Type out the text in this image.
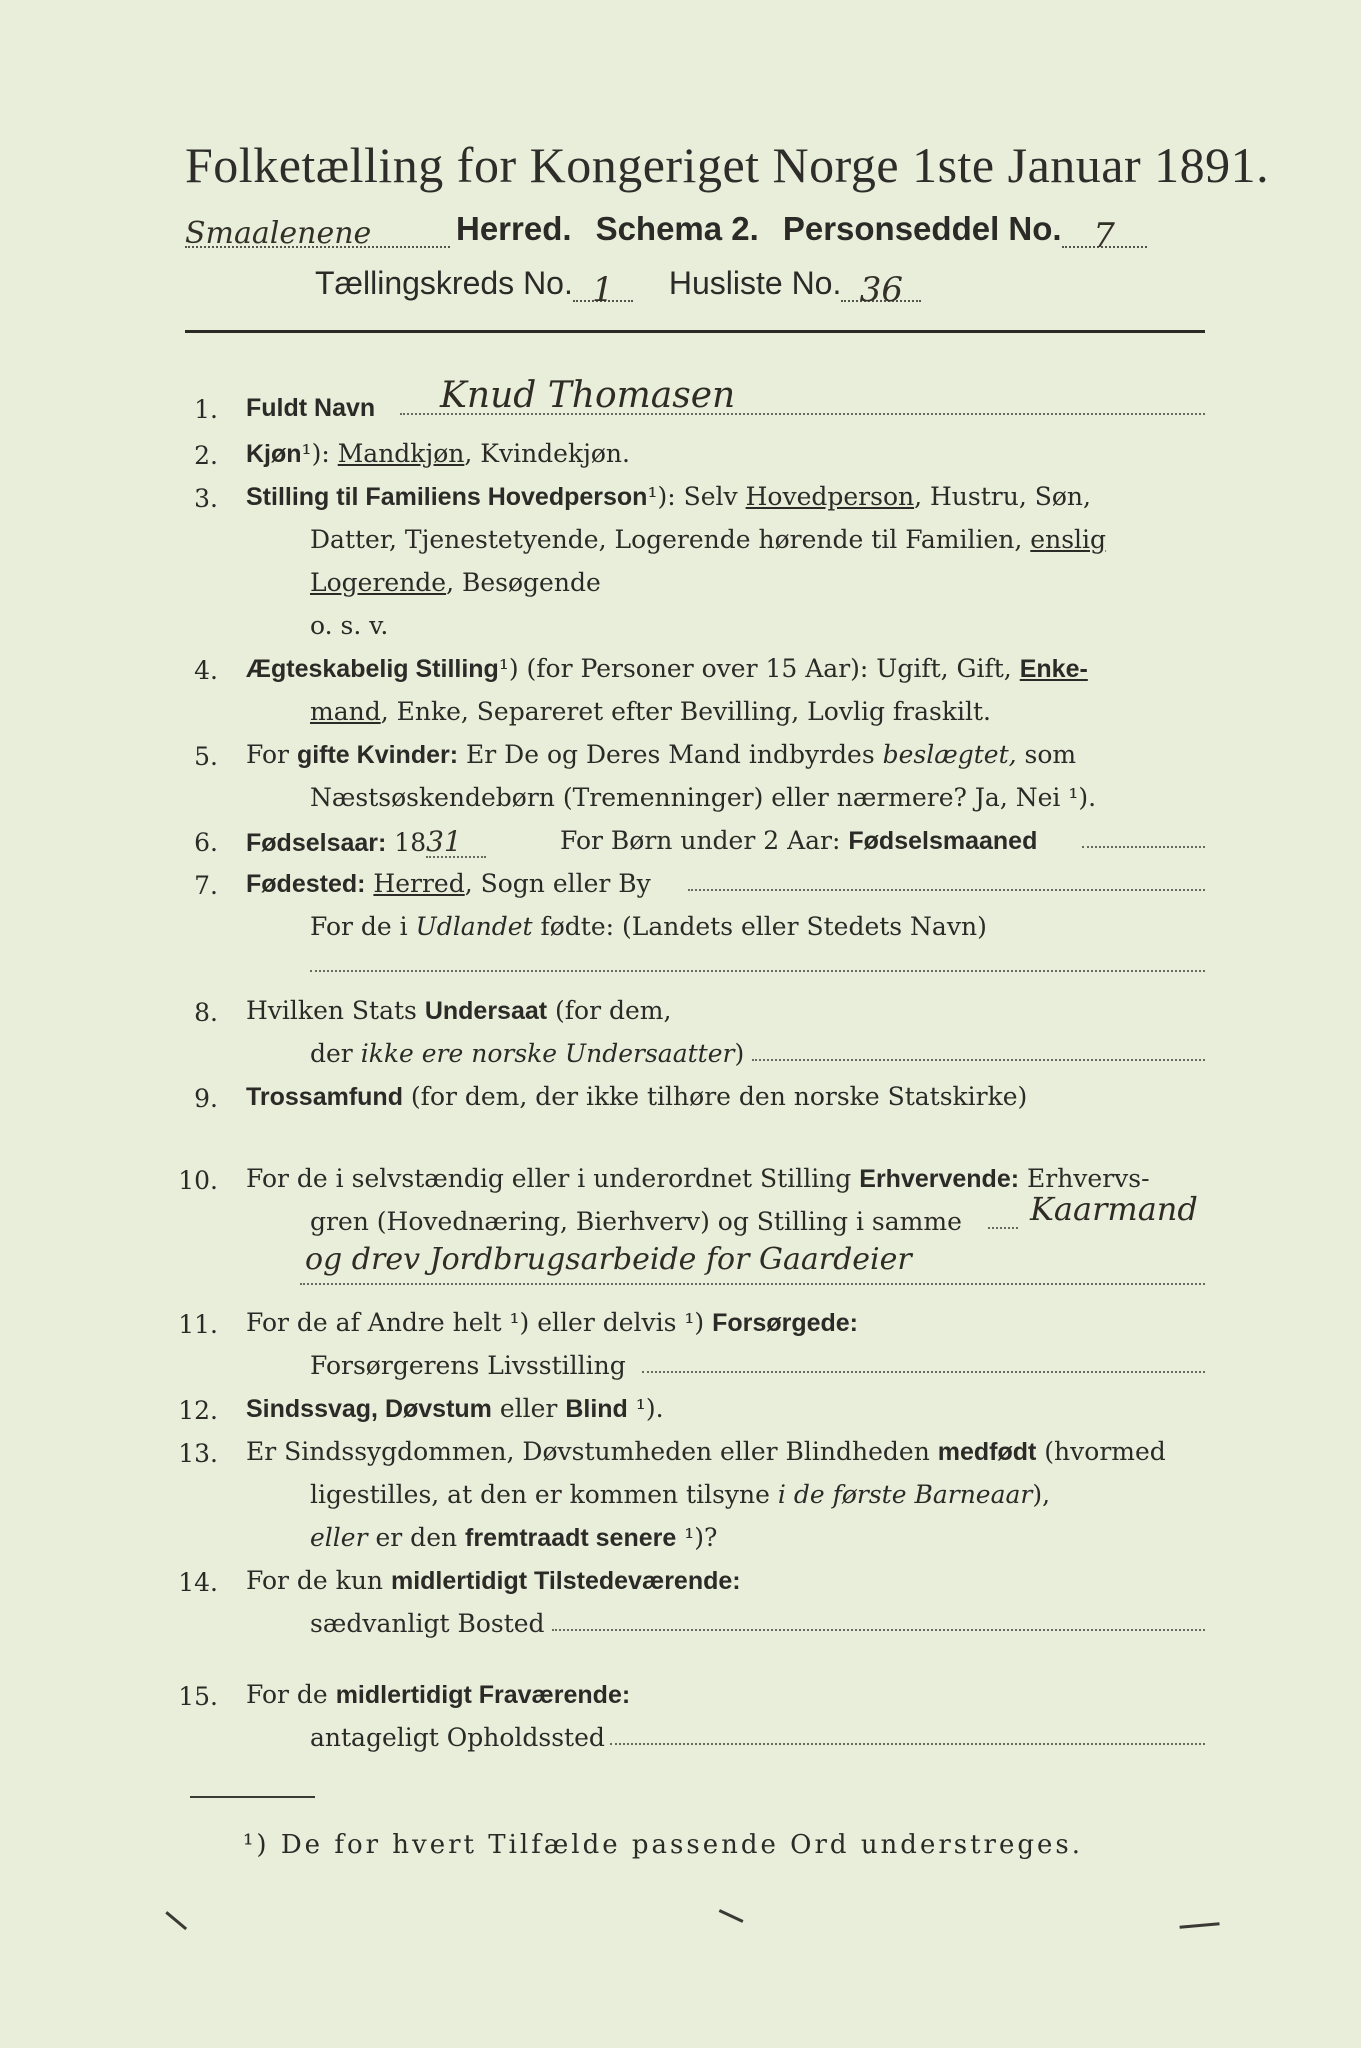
Folketælling for Kongeriget Norge 1ste Januar 1891.
Smaalenene	Herred. Schema 2. Personseddel No. 7
Tællingskreds No. 1	Husliste No. 36
1. Fuldt Navn Knud Thomasen
2. Kjøn¹): Mandkjøn, Kvindekjøn.
3. Stilling til Familiens Hovedperson¹): Selv Hovedperson, Hustru, Søn,
Datter, Tjenestetyende, Logerende hørende til Familien, enslig
Logerende, Besøgende
o. s. v.
4. Ægteskabelig Stilling¹) (for Personer over 15 Aar): Ugift, Gift, Enke-
mand, Enke, Separeret efter Bevilling, Lovlig fraskilt.
5. For gifte Kvinder: Er De og Deres Mand indbyrdes beslægtet, som
Næstsøskendebørn (Tremenninger) eller nærmere? Ja, Nei ¹).
6. Fødselsaar: 1831	For Børn under 2 Aar: Fødselsmaaned
7. Fødested: Herred, Sogn eller By
For de i Udlandet fødte: (Landets eller Stedets Navn)
8. Hvilken Stats Undersaat (for dem,
der ikke ere norske Undersaatter)
9. Trossamfund (for dem, der ikke tilhøre den norske Statskirke)
10. For de i selvstændig eller i underordnet Stilling Erhvervende: Erhvervs-
gren (Hovednæring, Bierhverv) og Stilling i samme Kaarmand
og drev Jordbrugsarbeide for Gaardeier
11. For de af Andre helt ¹) eller delvis ¹) Forsørgede:
Forsørgerens Livsstilling
12. Sindssvag, Døvstum eller Blind ¹).
13. Er Sindssygdommen, Døvstumheden eller Blindheden medfødt (hvormed
ligestilles, at den er kommen tilsyne i de første Barneaar),
eller er den fremtraadt senere ¹)?
14. For de kun midlertidigt Tilstedeværende:
sædvanligt Bosted
15. For de midlertidigt Fraværende:
antageligt Opholdssted
¹) De for hvert Tilfælde passende Ord understreges.
